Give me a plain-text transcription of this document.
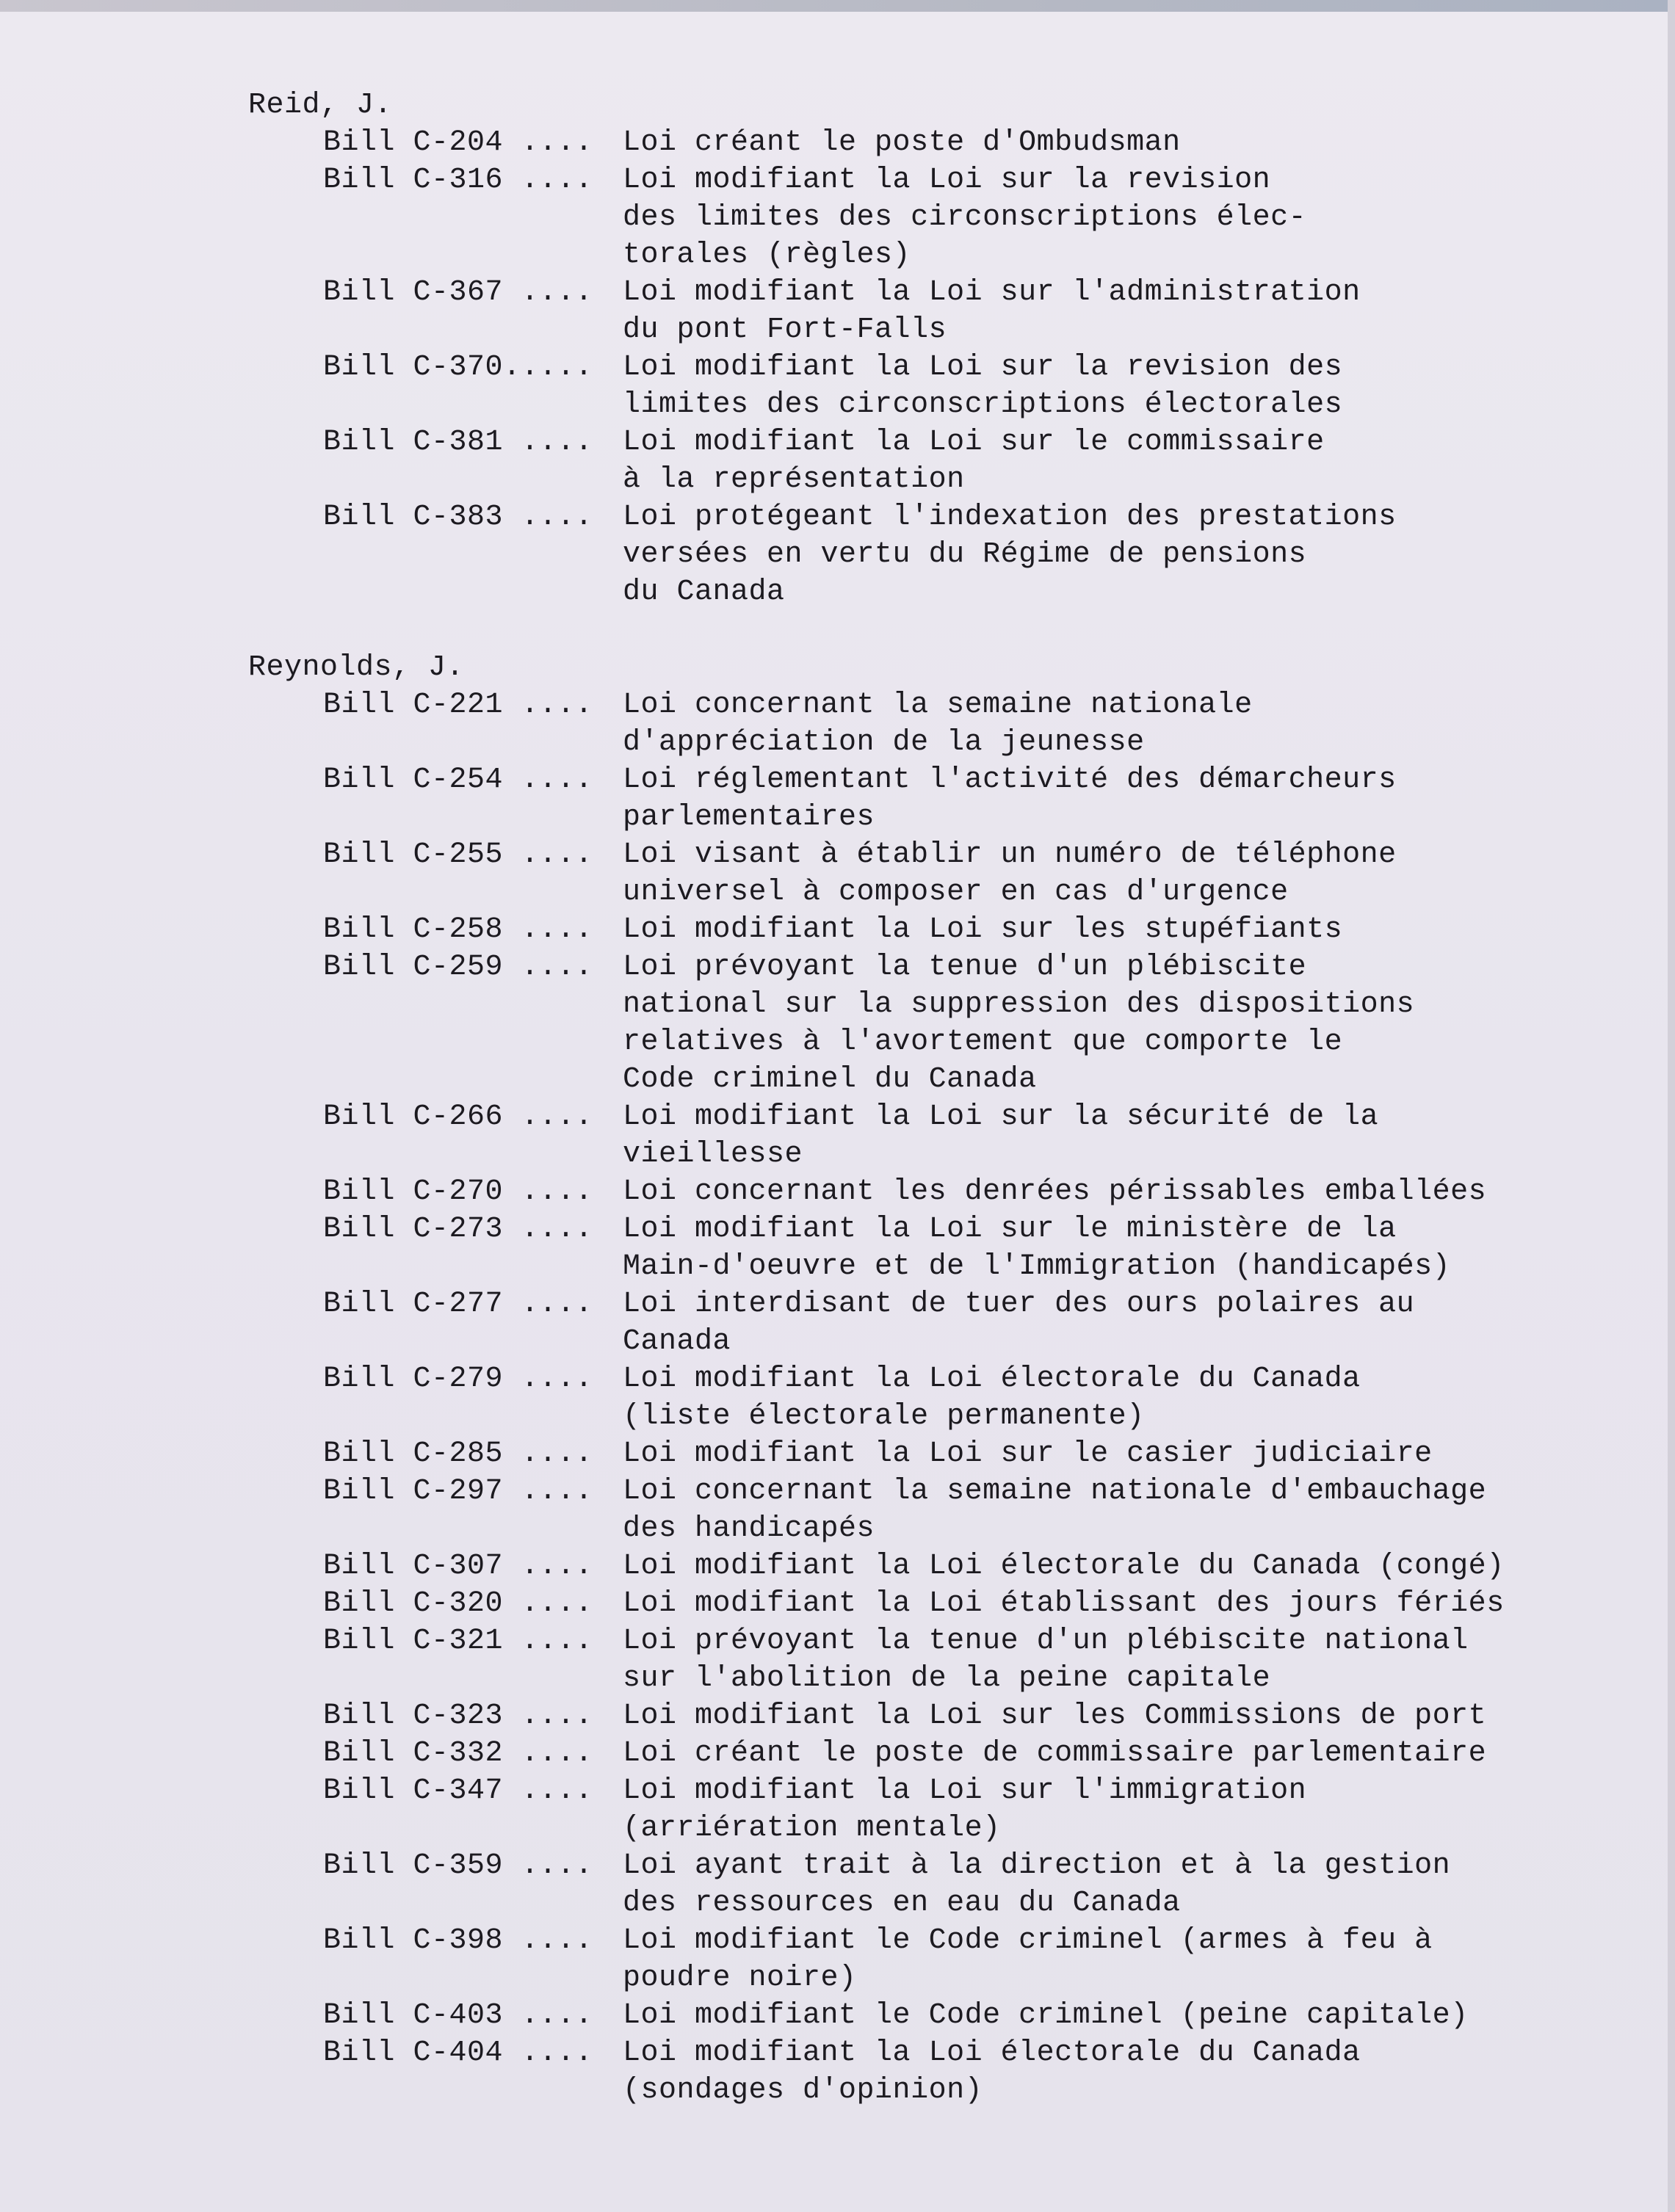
Reid, J.
Bill C-204 ....	Loi créant le poste d'Ombudsman
Bill C-316 ....	Loi modifiant la Loi sur la revision
des limites des circonscriptions élec-
torales (règles)
Bill C-367 ....	Loi modifiant la Loi sur l'administration
du pont Fort-Falls
Bill C-370.....	Loi modifiant la Loi sur la revision des
limites des circonscriptions électorales
Bill C-381 ....	Loi modifiant la Loi sur le commissaire
à la représentation
Bill C-383 ....	Loi protégeant l'indexation des prestations
versées en vertu du Régime de pensions
du Canada
Reynolds, J.
Bill C-221 ....	Loi concernant la semaine nationale
d'appréciation de la jeunesse
Bill C-254 ....	Loi réglementant l'activité des démarcheurs
parlementaires
Bill C-255 ....	Loi visant à établir un numéro de téléphone
universel à composer en cas d'urgence
Bill C-258 ....	Loi modifiant la Loi sur les stupéfiants
Bill C-259 ....	Loi prévoyant la tenue d'un plébiscite
national sur la suppression des dispositions
relatives à l'avortement que comporte le
Code criminel du Canada
Bill C-266 ....	Loi modifiant la Loi sur la sécurité de la
vieillesse
Bill C-270 ....	Loi concernant les denrées périssables emballées
Bill C-273 ....	Loi modifiant la Loi sur le ministère de la
Main-d'oeuvre et de l'Immigration (handicapés)
Bill C-277 ....	Loi interdisant de tuer des ours polaires au
Canada
Bill C-279 ....	Loi modifiant la Loi électorale du Canada
(liste électorale permanente)
Bill C-285 ....	Loi modifiant la Loi sur le casier judiciaire
Bill C-297 ....	Loi concernant la semaine nationale d'embauchage
des handicapés
Bill C-307 ....	Loi modifiant la Loi électorale du Canada (congé)
Bill C-320 ....	Loi modifiant la Loi établissant des jours fériés
Bill C-321 ....	Loi prévoyant la tenue d'un plébiscite national
sur l'abolition de la peine capitale
Bill C-323 ....	Loi modifiant la Loi sur les Commissions de port
Bill C-332 ....	Loi créant le poste de commissaire parlementaire
Bill C-347 ....	Loi modifiant la Loi sur l'immigration
(arriération mentale)
Bill C-359 ....	Loi ayant trait à la direction et à la gestion
des ressources en eau du Canada
Bill C-398 ....	Loi modifiant le Code criminel (armes à feu à
poudre noire)
Bill C-403 ....	Loi modifiant le Code criminel (peine capitale)
Bill C-404 ....	Loi modifiant la Loi électorale du Canada
(sondages d'opinion)
